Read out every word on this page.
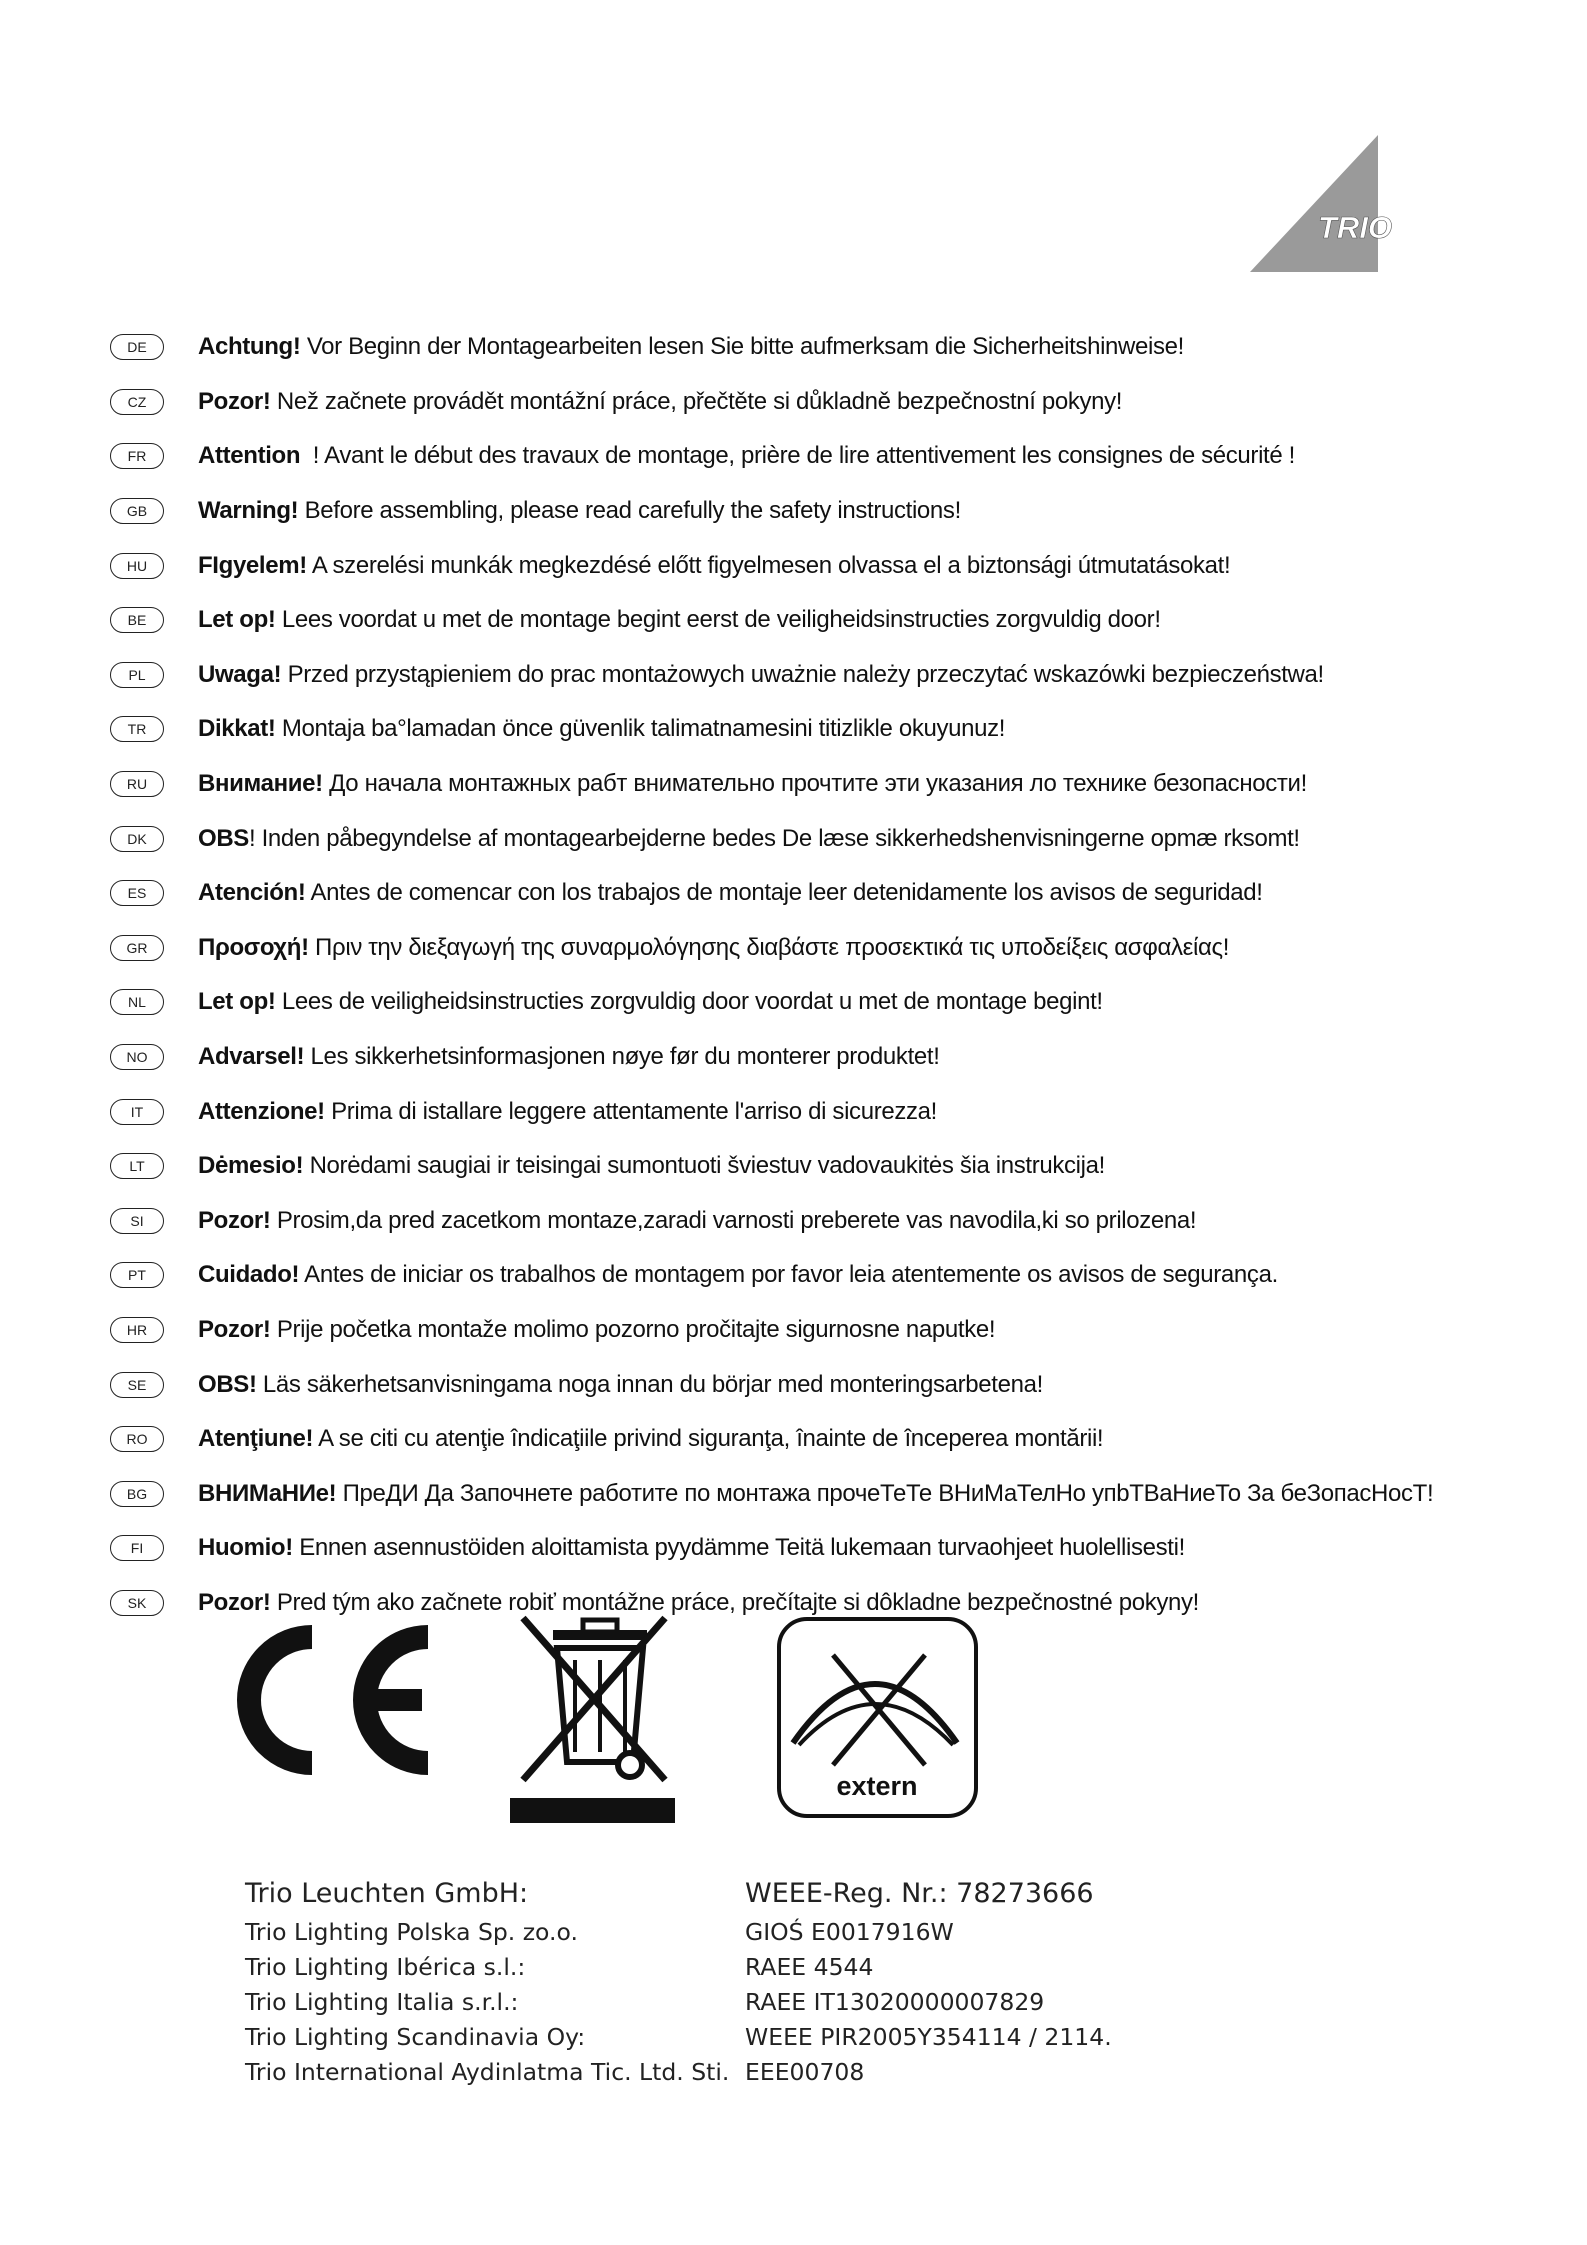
TRIO
DE	Achtung! Vor Beginn der Montagearbeiten lesen Sie bitte aufmerksam die Sicherheitshinweise!
CZ	Pozor! Než začnete provádět montážní práce, přečtěte si důkladně bezpečnostní pokyny!
FR	Attention  ! Avant le début des travaux de montage, prière de lire attentivement les consignes de sécurité !
GB	Warning! Before assembling, please read carefully the safety instructions!
HU	FIgyelem! A szerelési munkák megkezdésé előtt figyelmesen olvassa el a biztonsági útmutatásokat!
BE	Let op! Lees voordat u met de montage begint eerst de veiligheidsinstructies zorgvuldig door!
PL	Uwaga! Przed przystąpieniem do prac montażowych uważnie należy przeczytać wskazówki bezpieczeństwa!
TR	Dikkat! Montaja ba°lamadan önce güvenlik talimatnamesini titizlikle okuyunuz!
RU	Внимание! До начала монтажных рабт внимательно прочтите эти указания ло технике безопасности!
DK	OBS! Inden påbegyndelse af montagearbejderne bedes De læse sikkerhedshenvisningerne opmæ rksomt!
ES	Atención! Antes de comencar con los trabajos de montaje leer detenidamente los avisos de seguridad!
GR	Προσοχή! Πριν την διεξαγωγή της συναρμολόγησης διαβάστε προσεκτικά τις υποδείξεις ασφαλείας!
NL	Let op! Lees de veiligheidsinstructies zorgvuldig door voordat u met de montage begint!
NO	Advarsel! Les sikkerhetsinformasjonen nøye før du monterer produktet!
IT	Attenzione! Prima di istallare leggere attentamente l'arriso di sicurezza!
LT	Dėmesio! Norėdami saugiai ir teisingai sumontuoti šviestuv vadovaukitės šia instrukcija!
SI	Pozor! Prosim,da pred zacetkom montaze,zaradi varnosti preberete vas navodila,ki so prilozena!
PT	Cuidado! Antes de iniciar os trabalhos de montagem por favor leia atentemente os avisos de segurança.
HR	Pozor! Prije početka montaže molimo pozorno pročitajte sigurnosne naputke!
SE	OBS! Läs säkerhetsanvisningama noga innan du börjar med monteringsarbetena!
RO	Atenţiune! A se citi cu atenţie îndicaţiile privind siguranţa, înainte de începerea montării!
BG	ВНИМаНИе! ПреДИ Да Започнете работите по монтажа прочеТеТе ВНиМаТелНо упbТВаНиеТо За беЗопасНосТ!
FI	Huomio! Ennen asennustöiden aloittamista pyydämme Teitä lukemaan turvaohjeet huolellisesti!
SK	Pozor! Pred tým ako začnete robiť montážne práce, prečítajte si dôkladne bezpečnostné pokyny!
extern
Trio Leuchten GmbH:	WEEE-Reg. Nr.: 78273666
Trio Lighting Polska Sp. zo.o.	GIOŚ E0017916W
Trio Lighting Ibérica s.l.:	RAEE 4544
Trio Lighting Italia s.r.l.:	RAEE IT13020000007829
Trio Lighting Scandinavia Oy:	WEEE PIR2005Y354114 / 2114.
Trio International Aydinlatma Tic. Ltd. Sti. EEE00708
